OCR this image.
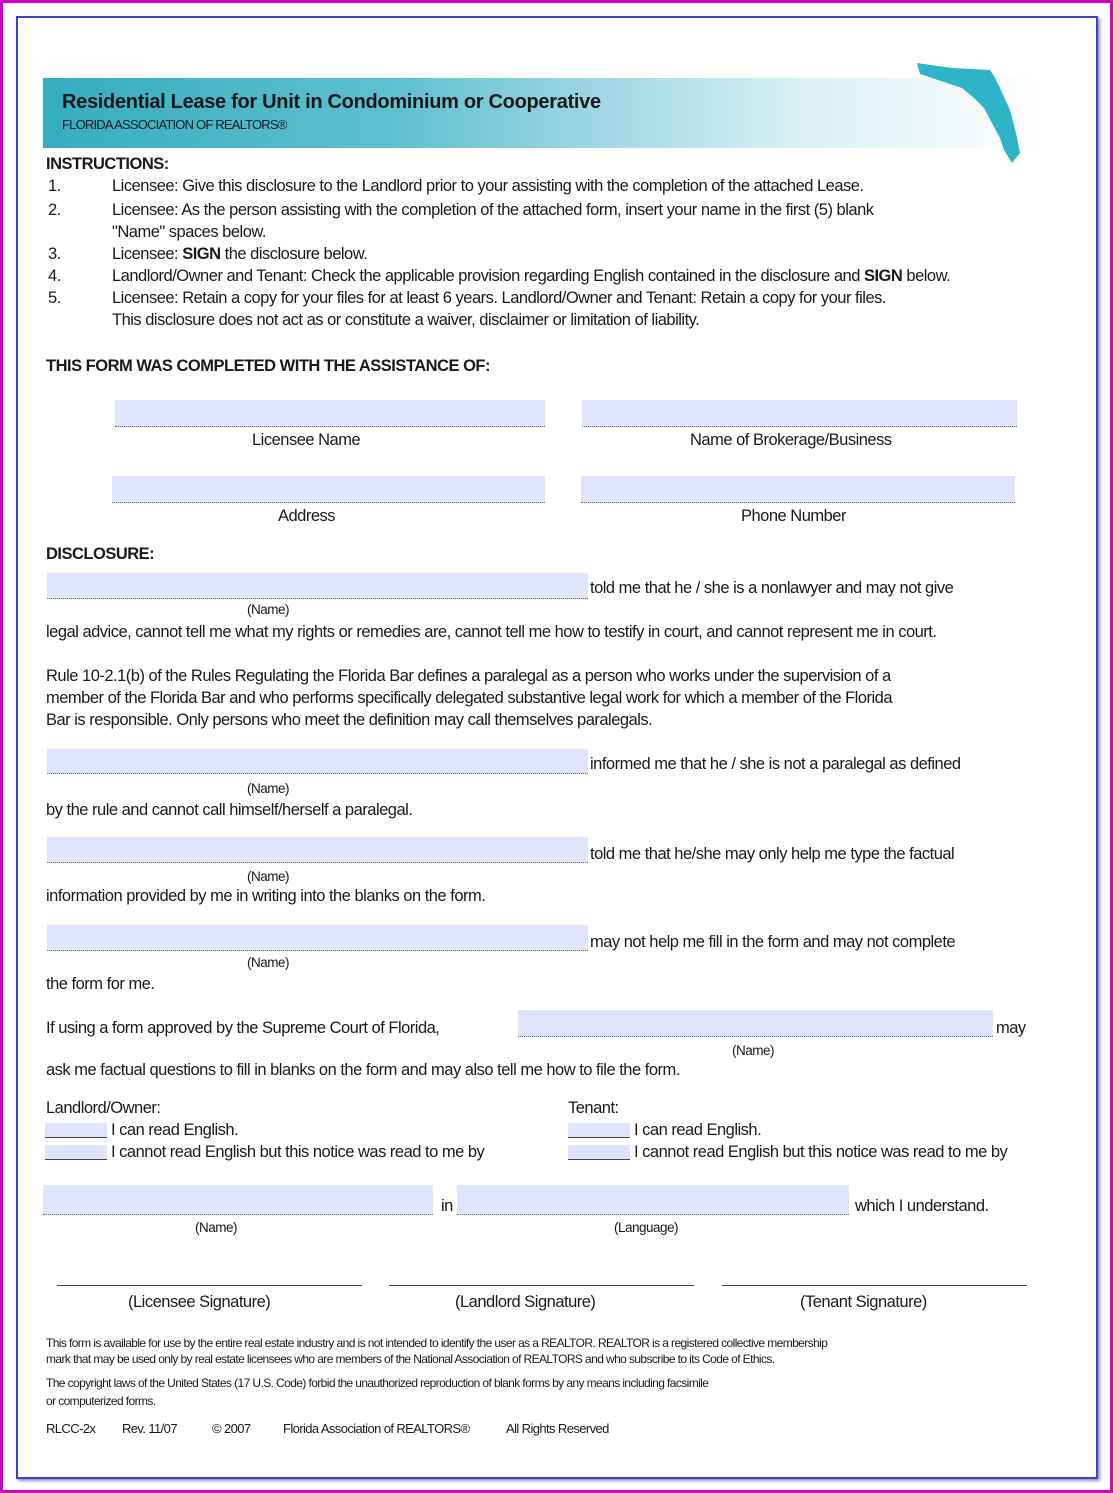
Residential Lease for Unit in Condominium or Cooperative
FLORIDA ASSOCIATION OF REALTORS®
INSTRUCTIONS:
1.	Licensee: Give this disclosure to the Landlord prior to your assisting with the completion of the attached Lease.
2.	Licensee: As the person assisting with the completion of the attached form, insert your name in the first (5) blank
"Name" spaces below.
3.	Licensee: SIGN the disclosure below.
4.	Landlord/Owner and Tenant: Check the applicable provision regarding English contained in the disclosure and SIGN below.
5.	Licensee: Retain a copy for your files for at least 6 years. Landlord/Owner and Tenant: Retain a copy for your files.
This disclosure does not act as or constitute a waiver, disclaimer or limitation of liability.
THIS FORM WAS COMPLETED WITH THE ASSISTANCE OF:
Licensee Name	Name of Brokerage/Business
Address	Phone Number
DISCLOSURE:
told me that he / she is a nonlawyer and may not give
(Name)
legal advice, cannot tell me what my rights or remedies are, cannot tell me how to testify in court, and cannot represent me in court.
Rule 10-2.1(b) of the Rules Regulating the Florida Bar defines a paralegal as a person who works under the supervision of a
member of the Florida Bar and who performs specifically delegated substantive legal work for which a member of the Florida
Bar is responsible. Only persons who meet the definition may call themselves paralegals.
informed me that he / she is not a paralegal as defined
(Name)
by the rule and cannot call himself/herself a paralegal.
told me that he/she may only help me type the factual
(Name)
information provided by me in writing into the blanks on the form.
may not help me fill in the form and may not complete
(Name)
the form for me.
If using a form approved by the Supreme Court of Florida,	may
(Name)
ask me factual questions to fill in blanks on the form and may also tell me how to file the form.
Landlord/Owner:
I can read English.
I cannot read English but this notice was read to me by
Tenant:
I can read English.
I cannot read English but this notice was read to me by
in	which I understand.
(Name)	(Language)
(Licensee Signature)	(Landlord Signature)	(Tenant Signature)
This form is available for use by the entire real estate industry and is not intended to identify the user as a REALTOR. REALTOR is a registered collective membership
mark that may be used only by real estate licensees who are members of the National Association of REALTORS and who subscribe to its Code of Ethics.
The copyright laws of the United States (17 U.S. Code) forbid the unauthorized reproduction of blank forms by any means including facsimile
or computerized forms.
RLCC-2x Rev. 11/07	© 2007 Florida Association of REALTORS®	All Rights Reserved
